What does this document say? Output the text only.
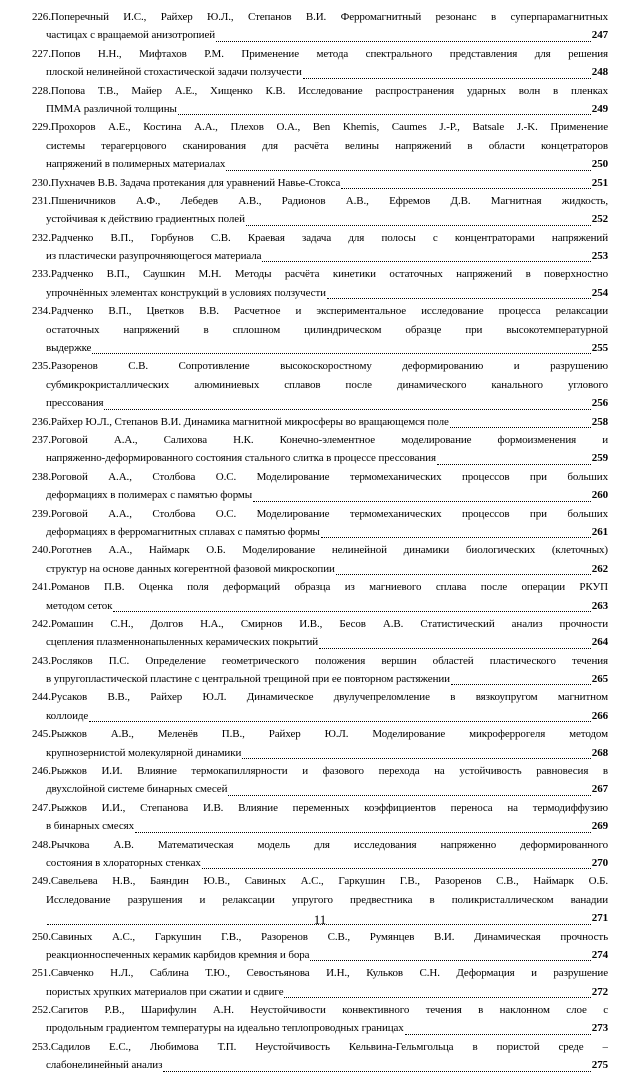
226.Поперечный И.С., Райхер Ю.Л., Степанов В.И. Ферромагнитный резонанс в суперпарамагнитных
частицах с вращаемой анизотропией	247
227.Попов Н.Н., Мифтахов Р.М. Применение метода спектрального представления для решения
плоской нелинейной стохастической задачи ползучести	248
228.Попова Т.В., Майер А.Е., Хищенко К.В. Исследование распространения ударных волн в пленках
ПММА различной толщины	249
229.Прохоров А.Е., Костина А.А., Плехов О.А., Ben Khemis, Caumes J.-P., Batsale J.-K. Применение
системы терагерцового сканирования для расчёта велины напряжений в области концетраторов
напряжений в полимерных материалах	250
230.Пухначев В.В. Задача протекания для уравнений Навье-Стокса	251
231.Пшеничников А.Ф., Лебедев А.В., Радионов А.В., Ефремов Д.В. Магнитная жидкость,
устойчивая к действию градиентных полей	252
232.Радченко В.П., Горбунов С.В. Краевая задача для полосы с концентраторами напряжений
из пластически разупрочняющегося материала	253
233.Радченко В.П., Саушкин М.Н. Методы расчёта кинетики остаточных напряжений в поверхностно
упрочнённых элементах конструкций в условиях ползучести	254
234.Радченко В.П., Цветков В.В. Расчетное и экспериментальное исследование процесса релаксации
остаточных напряжений в сплошном цилиндрическом образце при высокотемпературной
выдержке	255
235.Разоренов С.В. Сопротивление высокоскоростному деформированию и разрушению
субмикрокристаллических алюминиевых сплавов после динамического канального углового
прессования	256
236.Райхер Ю.Л., Степанов В.И. Динамика магнитной микросферы во вращающемся поле	258
237.Роговой А.А., Салихова Н.К. Конечно-элементное моделирование формоизменения и
напряженно-деформированного состояния стального слитка в процессе прессования	259
238.Роговой А.А., Столбова О.С. Моделирование термомеханических процессов при больших
деформациях в полимерах с памятью формы	260
239.Роговой А.А., Столбова О.С. Моделирование термомеханических процессов при больших
деформациях в ферромагнитных сплавах с памятью формы	261
240.Роготнев А.А., Наймарк О.Б. Моделирование нелинейной динамики биологических (клеточных)
структур на основе данных когерентной фазовой микроскопии	262
241.Романов П.В. Оценка поля деформаций образца из магниевого сплава после операции РКУП
методом сеток	263
242.Ромашин С.Н., Долгов Н.А., Смирнов И.В., Бесов А.В. Статистический анализ прочности
сцепления плазменнонапыленных керамических покрытий	264
243.Росляков П.С. Определение геометрического положения вершин областей пластического течения
в упругопластической пластине с центральной трещиной при ее повторном растяжении	265
244.Русаков В.В., Райхер Ю.Л. Динамическое двулучепреломление в вязкоупругом магнитном
коллоиде	266
245.Рыжков А.В., Меленёв П.В., Райхер Ю.Л. Моделирование микроферрогеля методом
крупнозернистой молекулярной динамики	268
246.Рыжков И.И. Влияние термокапиллярности и фазового перехода на устойчивость равновесия в
двухслойной системе бинарных смесей	267
247.Рыжков И.И., Степанова И.В. Влияние переменных коэффициентов переноса на термодиффузию
в бинарных смесях	269
248.Рычкова А.В. Математическая модель для исследования напряженно деформированного
состояния в хлораторных стенках	270
249.Савельева Н.В., Баяндин Ю.В., Савиных А.С., Гаркушин Г.В., Разоренов С.В., Наймарк О.Б.
Исследование разрушения и релаксации упругого предвестника в поликристаллическом ванадии
271
250.Савиных А.С., Гаркушин Г.В., Разоренов С.В., Румянцев В.И. Динамическая прочность
реакционноспеченных керамик карбидов кремния и бора	274
251.Савченко Н.Л., Саблина Т.Ю., Севостьянова И.Н., Кульков С.Н. Деформация и разрушение
пористых хрупких материалов при сжатии и сдвиге	272
252.Сагитов Р.В., Шарифулин А.Н. Неустойчивости конвективного течения в наклонном слое с
продольным градиентом температуры на идеально теплопроводных границах	273
253.Садилов Е.С., Любимова Т.П. Неустойчивость Кельвина-Гельмгольца в пористой среде –
слабонелинейный анализ	275
11
